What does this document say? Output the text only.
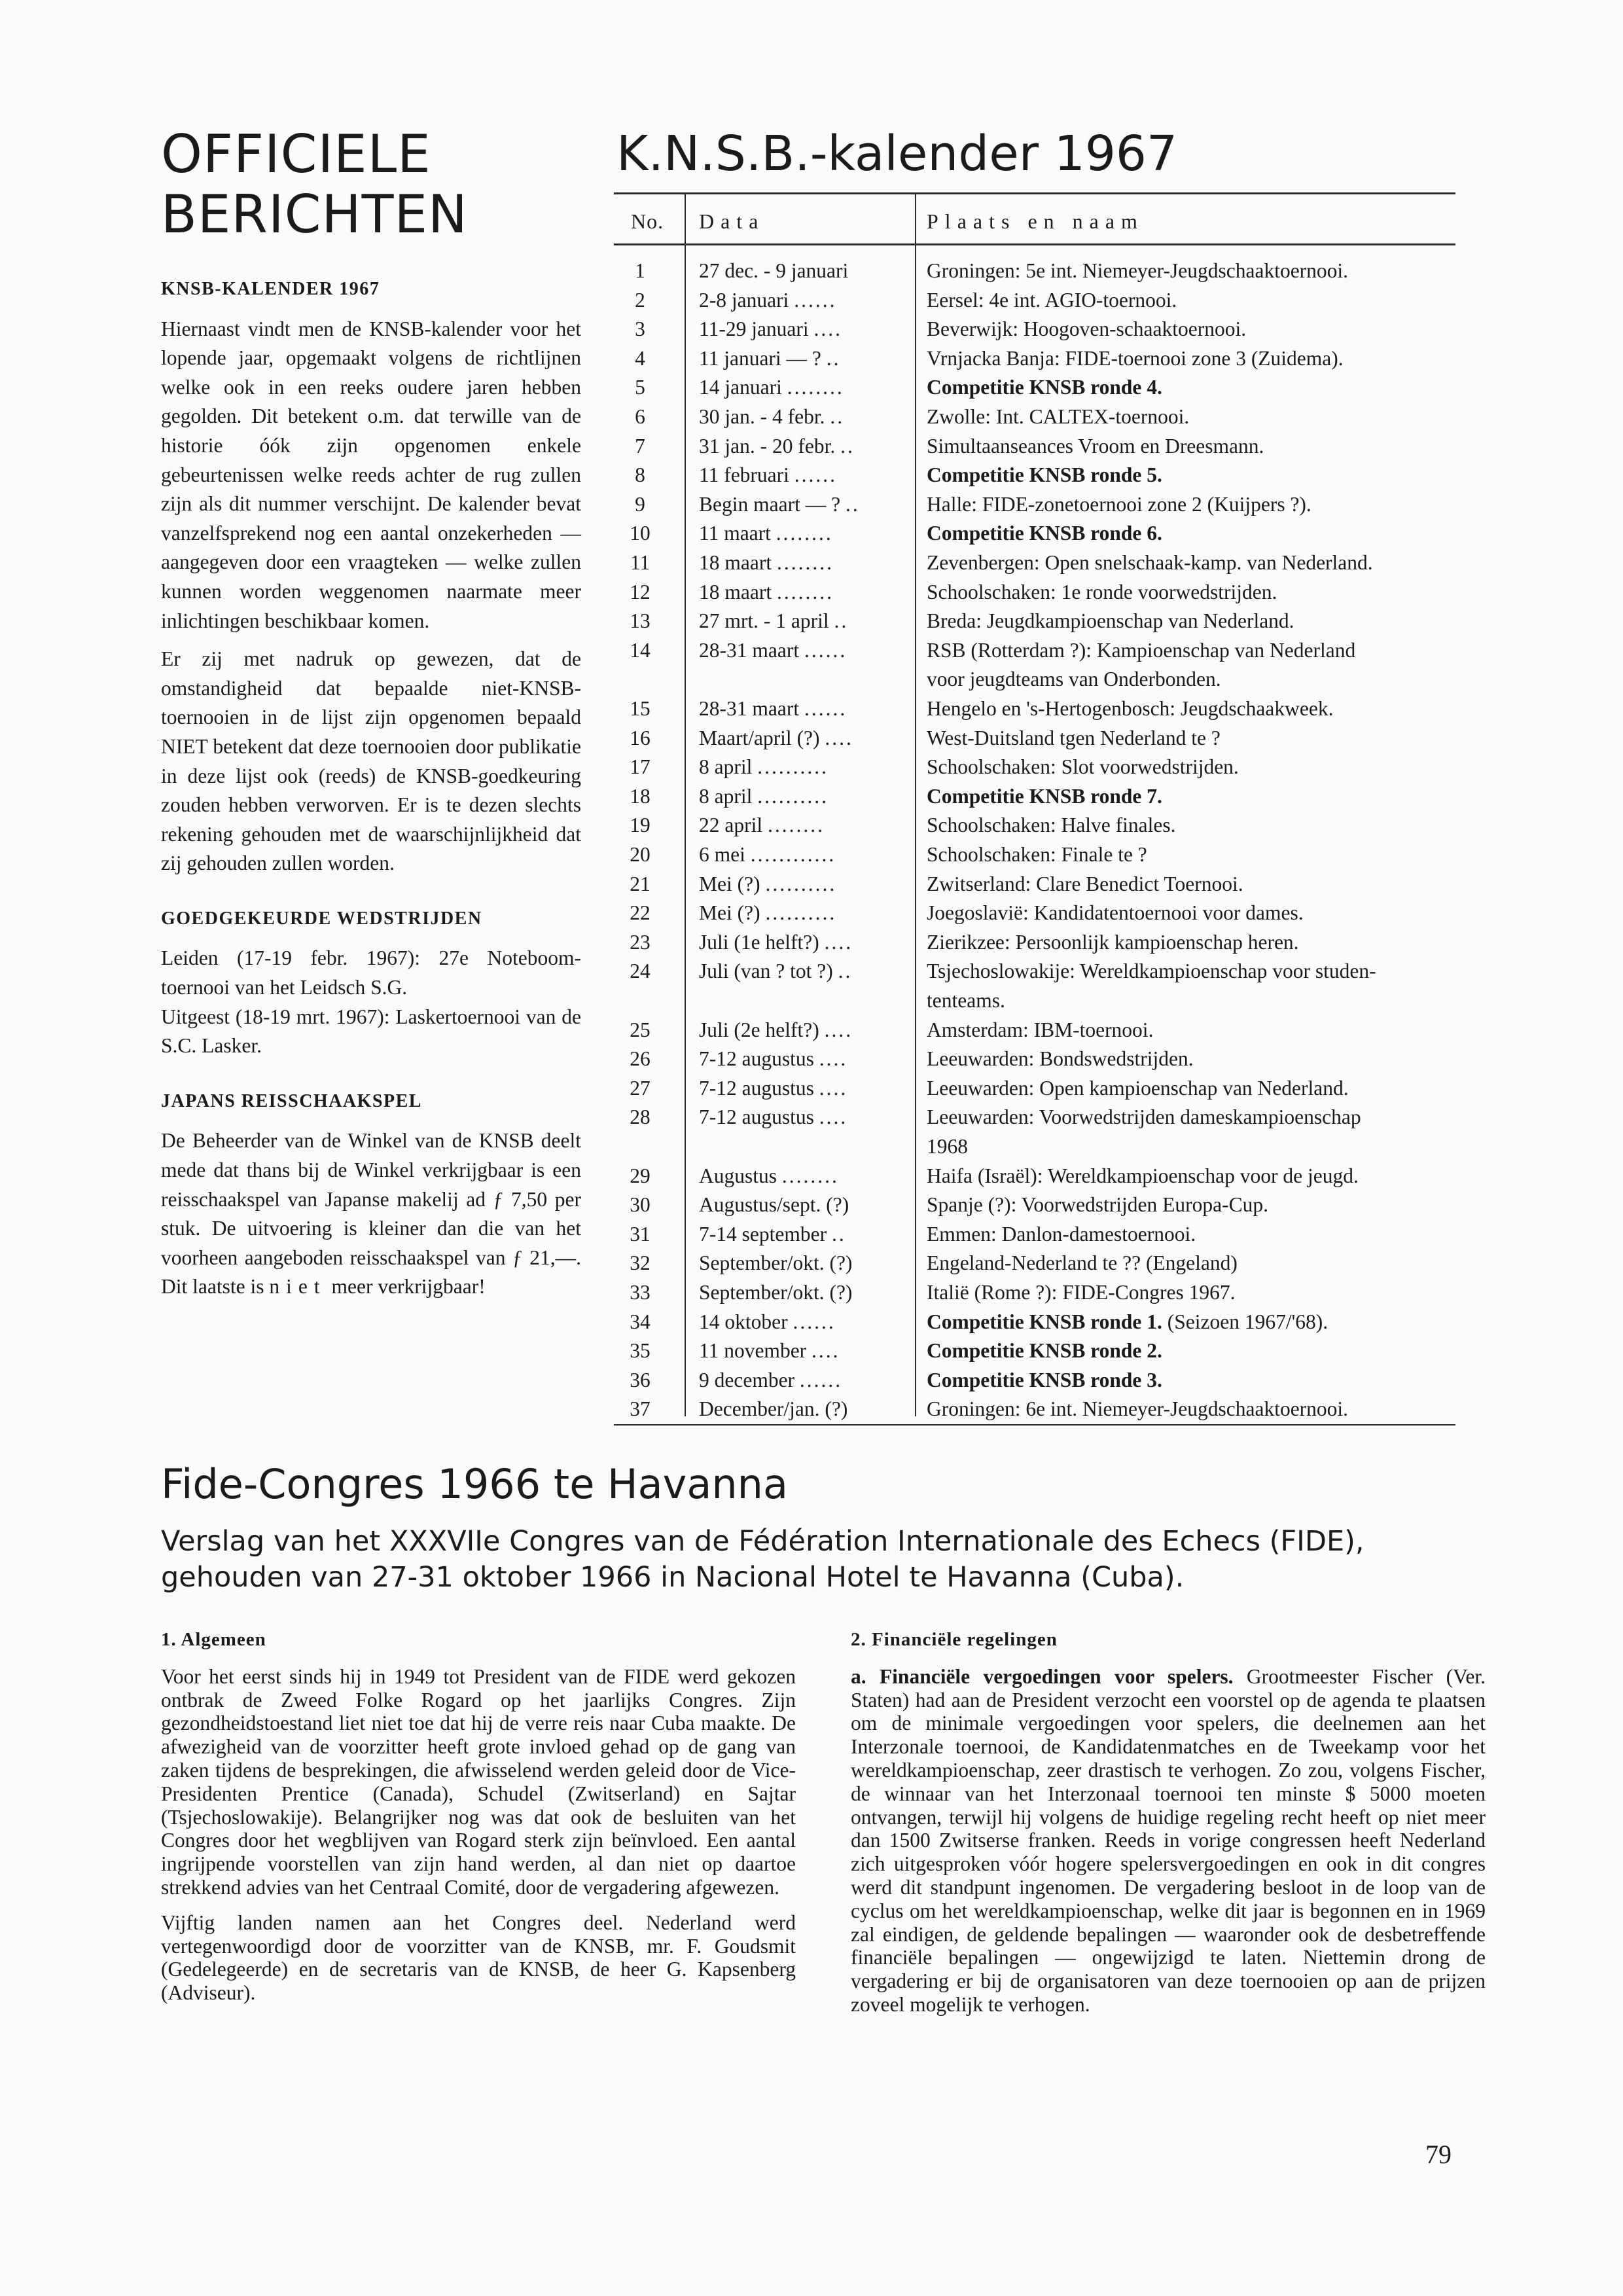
OFFICIELE
BERICHTEN
KNSB-KALENDER 1967

Hiernaast vindt men de KNSB-kalender voor het lopende jaar, opgemaakt volgens de richtlijnen welke ook in een reeks oudere jaren hebben gegolden. Dit betekent o.m. dat terwille van de historie óók zijn opgenomen enkele gebeurtenissen welke reeds achter de rug zullen zijn als dit nummer verschijnt. De kalender bevat vanzelfsprekend nog een aantal onzekerheden — aangegeven door een vraagteken — welke zullen kunnen worden weggenomen naarmate meer inlichtingen beschikbaar komen.

Er zij met nadruk op gewezen, dat de omstandigheid dat bepaalde niet-KNSB-toernooien in de lijst zijn opgenomen bepaald NIET betekent dat deze toernooien door publikatie in deze lijst ook (reeds) de KNSB-goedkeuring zouden hebben verworven. Er is te dezen slechts rekening gehouden met de waarschijnlijkheid dat zij gehouden zullen worden.

GOEDGEKEURDE WEDSTRIJDEN

Leiden (17-19 febr. 1967): 27e Noteboom-toernooi van het Leidsch S.G.

Uitgeest (18-19 mrt. 1967): Laskertoernooi van de S.C. Lasker.

JAPANS REISSCHAAKSPEL

De Beheerder van de Winkel van de KNSB deelt mede dat thans bij de Winkel verkrijgbaar is een reisschaakspel van Japanse makelij ad ƒ 7,50 per stuk. De uitvoering is kleiner dan die van het voorheen aangeboden reisschaakspel van ƒ 21,—. Dit laatste is niet meer verkrijgbaar!

K.N.S.B.-kalender 1967
No. Data	Plaats en naam
1	27 dec. - 9 januari	Groningen: 5e int. Niemeyer-Jeugdschaaktoernooi.
2	2-8 januari ......	Eersel: 4e int. AGIO-toernooi.
3	11-29 januari ....	Beverwijk: Hoogoven-schaaktoernooi.
4	11 januari — ? ..	Vrnjacka Banja: FIDE-toernooi zone 3 (Zuidema).
5	14 januari ........	Competitie KNSB ronde 4.
6	30 jan. - 4 febr. ..	Zwolle: Int. CALTEX-toernooi.
7	31 jan. - 20 febr. ..	Simultaanseances Vroom en Dreesmann.
8	11 februari ......	Competitie KNSB ronde 5.
9	Begin maart — ? ..	Halle: FIDE-zonetoernooi zone 2 (Kuijpers ?).
10	11 maart ........	Competitie KNSB ronde 6.
11	18 maart ........	Zevenbergen: Open snelschaak-kamp. van Nederland.
12	18 maart ........	Schoolschaken: 1e ronde voorwedstrijden.
13	27 mrt. - 1 april ..	Breda: Jeugdkampioenschap van Nederland.
14	28-31 maart ......	RSB (Rotterdam ?): Kampioenschap van Nederland
voor jeugdteams van Onderbonden.
15	28-31 maart ......	Hengelo en 's-Hertogenbosch: Jeugdschaakweek.
16	Maart/april (?) ....	West-Duitsland tgen Nederland te ?
17	8 april ..........	Schoolschaken: Slot voorwedstrijden.
18	8 april ..........	Competitie KNSB ronde 7.
19	22 april ........	Schoolschaken: Halve finales.
20	6 mei ............	Schoolschaken: Finale te ?
21	Mei (?) ..........	Zwitserland: Clare Benedict Toernooi.
22	Mei (?) ..........	Joegoslavië: Kandidatentoernooi voor dames.
23	Juli (1e helft?) ....	Zierikzee: Persoonlijk kampioenschap heren.
24	Juli (van ? tot ?) ..	Tsjechoslowakije: Wereldkampioenschap voor studen-
tenteams.
25	Juli (2e helft?) ....	Amsterdam: IBM-toernooi.
26	7-12 augustus ....	Leeuwarden: Bondswedstrijden.
27	7-12 augustus ....	Leeuwarden: Open kampioenschap van Nederland.
28	7-12 augustus ....	Leeuwarden: Voorwedstrijden dameskampioenschap
1968
29	Augustus ........	Haifa (Israël): Wereldkampioenschap voor de jeugd.
30	Augustus/sept. (?)	Spanje (?): Voorwedstrijden Europa-Cup.
31	7-14 september ..	Emmen: Danlon-damestoernooi.
32	September/okt. (?)	Engeland-Nederland te ?? (Engeland)
33	September/okt. (?)	Italië (Rome ?): FIDE-Congres 1967.
34	14 oktober ......	Competitie KNSB ronde 1. (Seizoen 1967/'68).
35	11 november ....	Competitie KNSB ronde 2.
36	9 december ......	Competitie KNSB ronde 3.
37	December/jan. (?)	Groningen: 6e int. Niemeyer-Jeugdschaaktoernooi.
Fide-Congres 1966 te Havanna
Verslag van het XXXVIIe Congres van de Fédération Internationale des Echecs (FIDE), gehouden van 27-31 oktober 1966 in Nacional Hotel te Havanna (Cuba).
1. Algemeen

Voor het eerst sinds hij in 1949 tot President van de FIDE werd gekozen ontbrak de Zweed Folke Rogard op het jaarlijks Congres. Zijn gezondheidstoestand liet niet toe dat hij de verre reis naar Cuba maakte. De afwezigheid van de voorzitter heeft grote invloed gehad op de gang van zaken tijdens de besprekingen, die afwisselend werden geleid door de Vice-Presidenten Prentice (Canada), Schudel (Zwitserland) en Sajtar (Tsjechoslowakije). Belangrijker nog was dat ook de besluiten van het Congres door het wegblijven van Rogard sterk zijn beïnvloed. Een aantal ingrijpende voorstellen van zijn hand werden, al dan niet op daartoe strekkend advies van het Centraal Comité, door de vergadering afgewezen.

Vijftig landen namen aan het Congres deel. Nederland werd vertegenwoordigd door de voorzitter van de KNSB, mr. F. Goudsmit (Gedelegeerde) en de secretaris van de KNSB, de heer G. Kapsenberg (Adviseur).

2. Financiële regelingen

a. Financiële vergoedingen voor spelers. Grootmeester Fischer (Ver. Staten) had aan de President verzocht een voorstel op de agenda te plaatsen om de minimale vergoedingen voor spelers, die deelnemen aan het Interzonale toernooi, de Kandidatenmatches en de Tweekamp voor het wereldkampioenschap, zeer drastisch te verhogen. Zo zou, volgens Fischer, de winnaar van het Interzonaal toernooi ten minste $ 5000 moeten ontvangen, terwijl hij volgens de huidige regeling recht heeft op niet meer dan 1500 Zwitserse franken. Reeds in vorige congressen heeft Nederland zich uitgesproken vóór hogere spelersvergoedingen en ook in dit congres werd dit standpunt ingenomen. De vergadering besloot in de loop van de cyclus om het wereldkampioenschap, welke dit jaar is begonnen en in 1969 zal eindigen, de geldende bepalingen — waaronder ook de desbetreffende financiële bepalingen — ongewijzigd te laten. Niettemin drong de vergadering er bij de organisatoren van deze toernooien op aan de prijzen zoveel mogelijk te verhogen.

79
